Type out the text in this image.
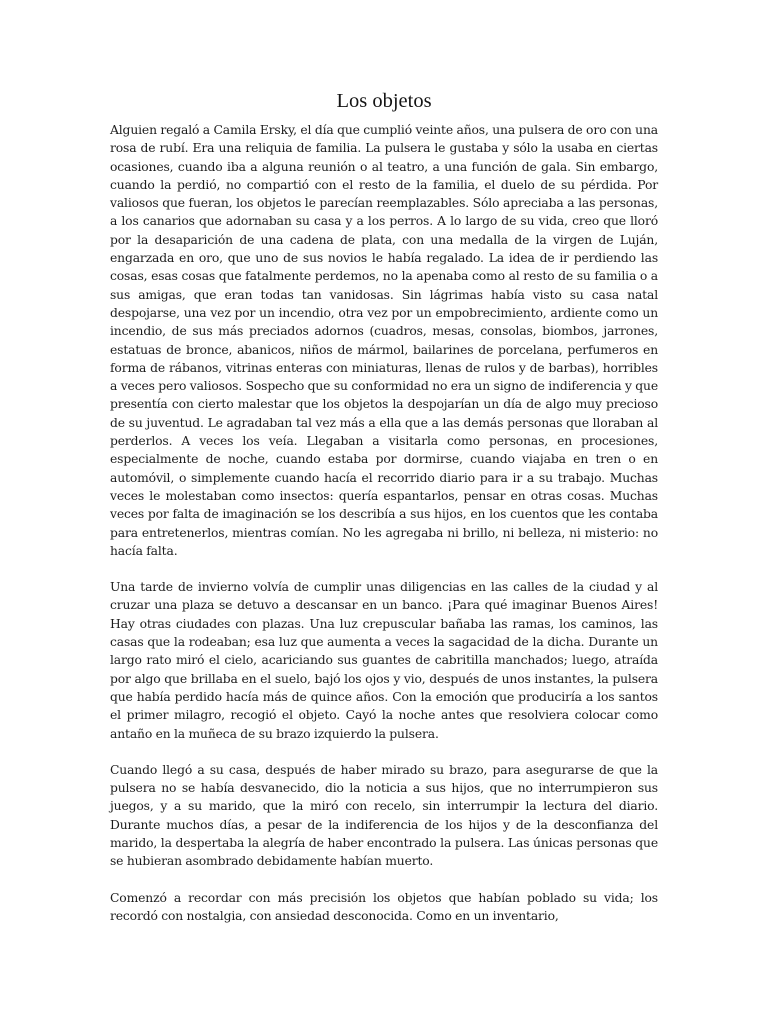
Los objetos

Alguien regaló a Camila Ersky, el día que cumplió veinte años, una pulsera de oro con una rosa de rubí. Era una reliquia de familia. La pulsera le gustaba y sólo la usaba en ciertas ocasiones, cuando iba a alguna reunión o al teatro, a una función de gala. Sin embargo, cuando la perdió, no compartió con el resto de la familia, el duelo de su pérdida. Por valiosos que fueran, los objetos le parecían reemplazables. Sólo apreciaba a las personas, a los canarios que adornaban su casa y a los perros. A lo largo de su vida, creo que lloró por la desaparición de una cadena de plata, con una medalla de la virgen de Luján, engarzada en oro, que uno de sus novios le había regalado. La idea de ir perdiendo las cosas, esas cosas que fatalmente perdemos, no la apenaba como al resto de su familia o a sus amigas, que eran todas tan vanidosas. Sin lágrimas había visto su casa natal despojarse, una vez por un incendio, otra vez por un empobrecimiento, ardiente como un incendio, de sus más preciados adornos (cuadros, mesas, consolas, biombos, jarrones, estatuas de bronce, abanicos, niños de mármol, bailarines de porcelana, perfumeros en forma de rábanos, vitrinas enteras con miniaturas, llenas de rulos y de barbas), horribles a veces pero valiosos. Sospecho que su conformidad no era un signo de indiferencia y que presentía con cierto malestar que los objetos la despojarían un día de algo muy precioso de su juventud. Le agradaban tal vez más a ella que a las demás personas que lloraban al perderlos. A veces los veía. Llegaban a visitarla como personas, en procesiones, especialmente de noche, cuando estaba por dormirse, cuando viajaba en tren o en automóvil, o simplemente cuando hacía el recorrido diario para ir a su trabajo. Muchas veces le molestaban como insectos: quería espantarlos, pensar en otras cosas. Muchas veces por falta de imaginación se los describía a sus hijos, en los cuentos que les contaba para entretenerlos, mientras comían. No les agregaba ni brillo, ni belleza, ni misterio: no hacía falta.

Una tarde de invierno volvía de cumplir unas diligencias en las calles de la ciudad y al cruzar una plaza se detuvo a descansar en un banco. ¡Para qué imaginar Buenos Aires! Hay otras ciudades con plazas. Una luz crepuscular bañaba las ramas, los caminos, las casas que la rodeaban; esa luz que aumenta a veces la sagacidad de la dicha. Durante un largo rato miró el cielo, acariciando sus guantes de cabritilla manchados; luego, atraída por algo que brillaba en el suelo, bajó los ojos y vio, después de unos instantes, la pulsera que había perdido hacía más de quince años. Con la emoción que produciría a los santos el primer milagro, recogió el objeto. Cayó la noche antes que resolviera colocar como antaño en la muñeca de su brazo izquierdo la pulsera.

Cuando llegó a su casa, después de haber mirado su brazo, para asegurarse de que la pulsera no se había desvanecido, dio la noticia a sus hijos, que no interrumpieron sus juegos, y a su marido, que la miró con recelo, sin interrumpir la lectura del diario. Durante muchos días, a pesar de la indiferencia de los hijos y de la desconfianza del marido, la despertaba la alegría de haber encontrado la pulsera. Las únicas personas que se hubieran asombrado debidamente habían muerto.

Comenzó a recordar con más precisión los objetos que habían poblado su vida; los recordó con nostalgia, con ansiedad desconocida. Como en un inventario,
